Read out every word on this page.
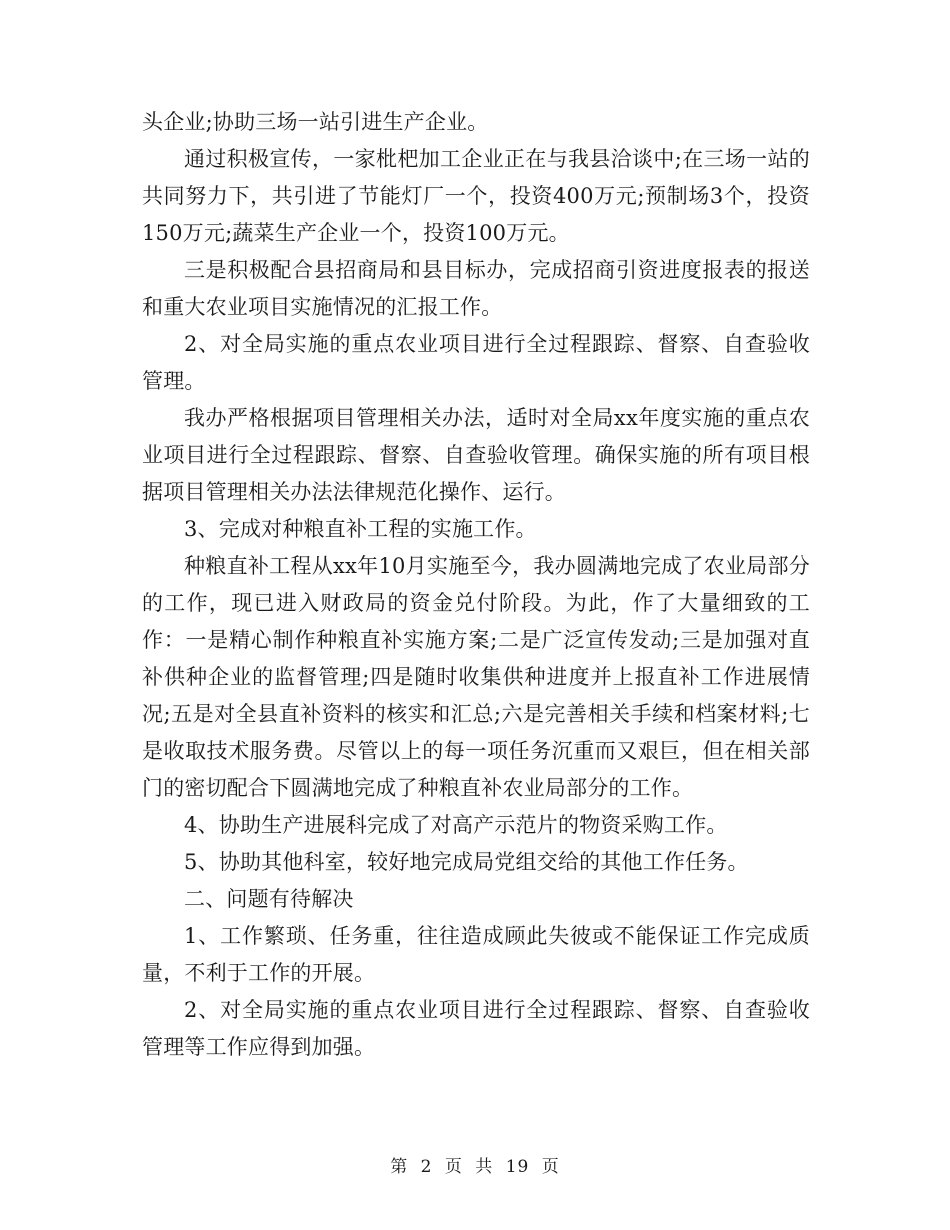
头企业;协助三场一站引进生产企业。

通过积极宣传，一家枇杷加工企业正在与我县洽谈中;在三场一站的共同努力下，共引进了节能灯厂一个，投资400万元;预制场3个，投资150万元;蔬菜生产企业一个，投资100万元。

三是积极配合县招商局和县目标办，完成招商引资进度报表的报送和重大农业项目实施情况的汇报工作。

2、对全局实施的重点农业项目进行全过程跟踪、督察、自查验收管理。

我办严格根据项目管理相关办法，适时对全局xx年度实施的重点农业项目进行全过程跟踪、督察、自查验收管理。确保实施的所有项目根据项目管理相关办法法律规范化操作、运行。

3、完成对种粮直补工程的实施工作。

种粮直补工程从xx年10月实施至今，我办圆满地完成了农业局部分的工作，现已进入财政局的资金兑付阶段。为此，作了大量细致的工作：一是精心制作种粮直补实施方案;二是广泛宣传发动;三是加强对直补供种企业的监督管理;四是随时收集供种进度并上报直补工作进展情况;五是对全县直补资料的核实和汇总;六是完善相关手续和档案材料;七是收取技术服务费。尽管以上的每一项任务沉重而又艰巨，但在相关部门的密切配合下圆满地完成了种粮直补农业局部分的工作。

4、协助生产进展科完成了对高产示范片的物资采购工作。

5、协助其他科室，较好地完成局党组交给的其他工作任务。

二、问题有待解决

1、工作繁琐、任务重，往往造成顾此失彼或不能保证工作完成质量，不利于工作的开展。

2、对全局实施的重点农业项目进行全过程跟踪、督察、自查验收管理等工作应得到加强。

第 2 页 共 19 页
